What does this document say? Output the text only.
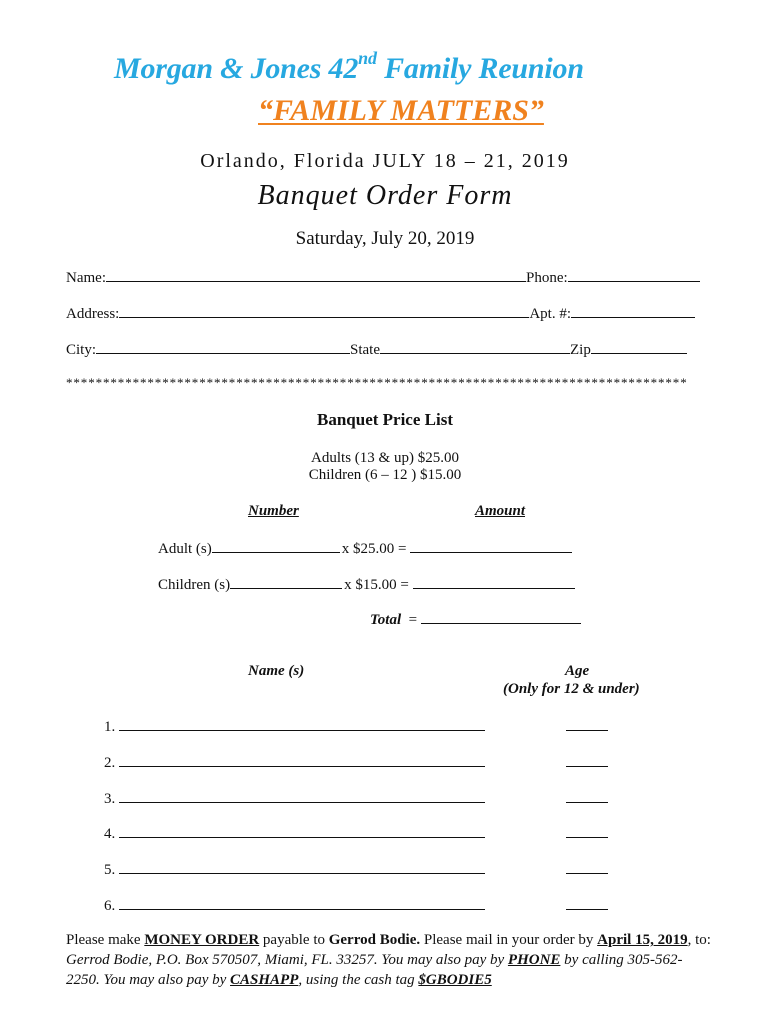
Morgan & Jones 42nd Family Reunion
“FAMILY MATTERS”
Orlando, Florida JULY 18 – 21, 2019
Banquet Order Form
Saturday, July 20, 2019
Name:	Phone:
Address:	Apt. #:
City:	State	Zip
************************************************************************************
Banquet Price List
Adults (13 & up) $25.00
Children (6 – 12 ) $15.00
Number	Amount
Adult (s)	x $25.00 =
Children (s)	x $15.00 =
Total =
Name (s)	Age
(Only for 12 & under)
1.
2.
3.
4.
5.
6.
Please make MONEY ORDER payable to Gerrod Bodie. Please mail in your order by April 15, 2019, to: Gerrod Bodie, P.O. Box 570507, Miami, FL. 33257. You may also pay by PHONE by calling 305-562-2250. You may also pay by CASHAPP, using the cash tag $GBODIE5
